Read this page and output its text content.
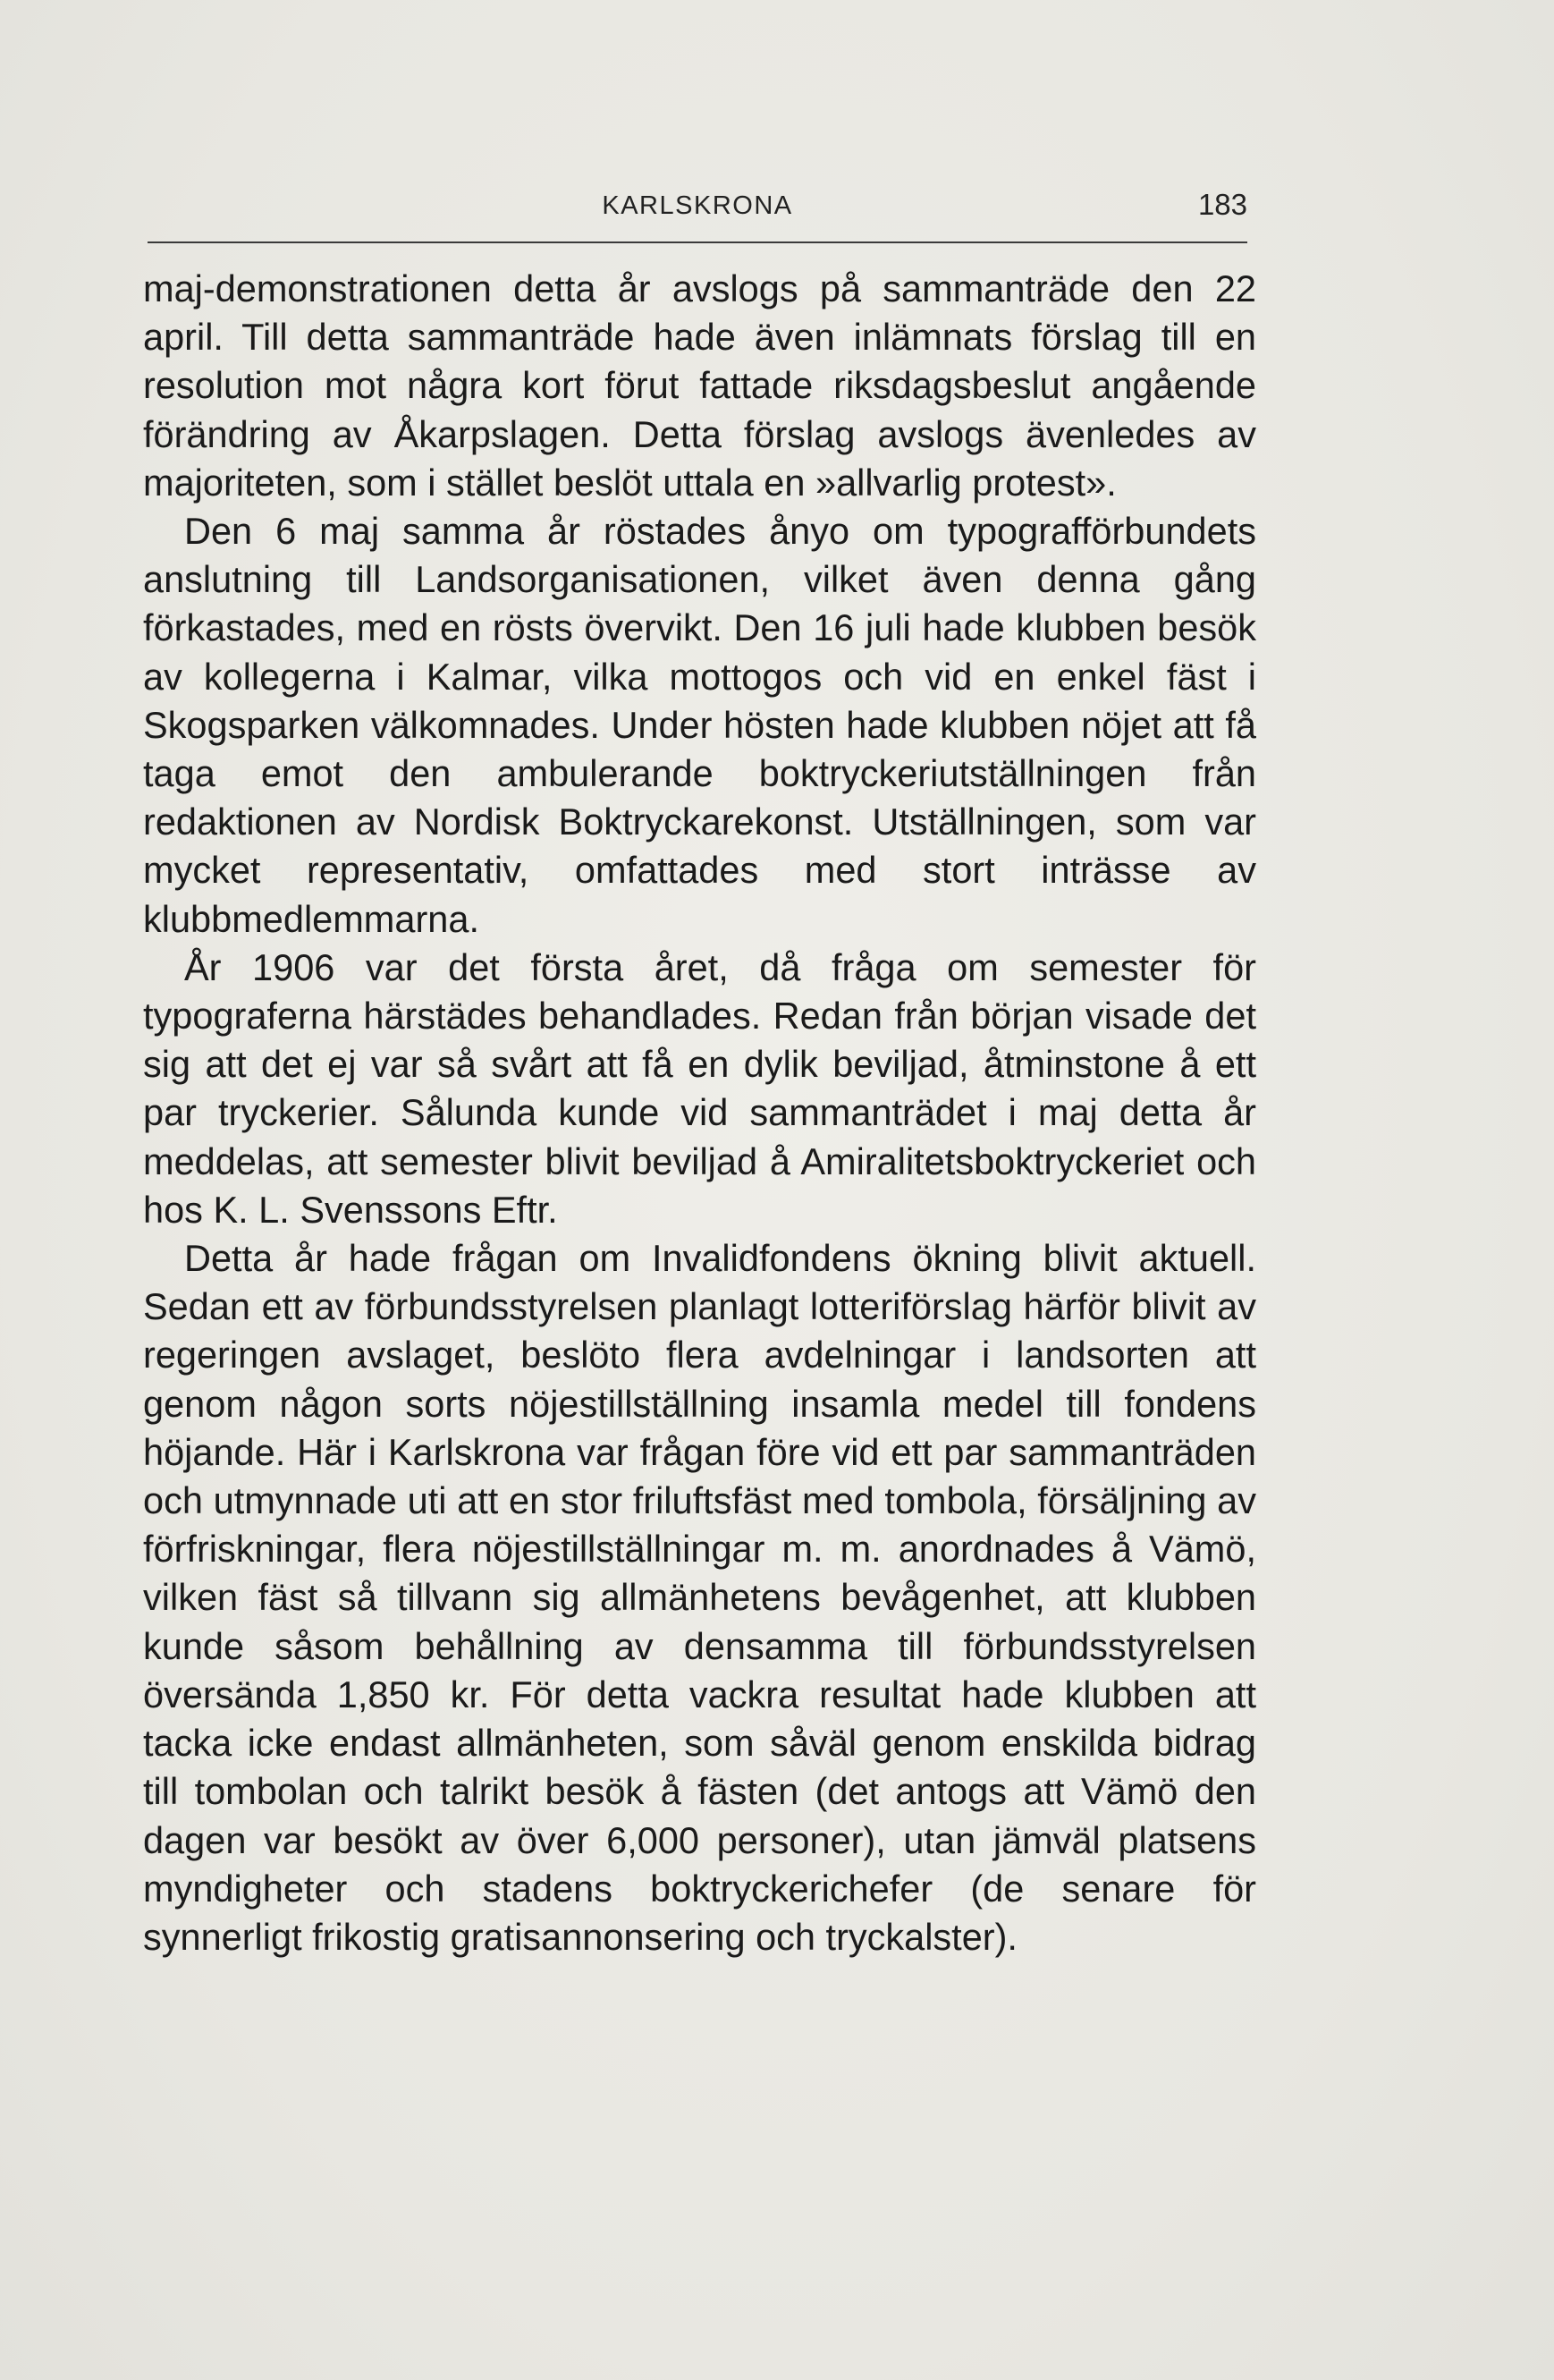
KARLSKRONA	183

maj-demonstrationen detta år avslogs på sammanträde den 22 april. Till detta sammanträde hade även inlämnats förslag till en resolution mot några kort förut fattade riksdagsbeslut angående förändring av Åkarpslagen. Detta förslag avslogs ävenledes av majoriteten, som i stället beslöt uttala en »allvarlig protest».

Den 6 maj samma år röstades ånyo om typografförbundets anslutning till Landsorganisationen, vilket även denna gång förkastades, med en rösts övervikt. Den 16 juli hade klubben besök av kollegerna i Kalmar, vilka mottogos och vid en enkel fäst i Skogsparken välkomnades. Under hösten hade klubben nöjet att få taga emot den ambulerande boktryckeriutställningen från redaktionen av Nordisk Boktryckarekonst. Utställningen, som var mycket representativ, omfattades med stort inträsse av klubbmedlemmarna.

År 1906 var det första året, då fråga om semester för typograferna härstädes behandlades. Redan från början visade det sig att det ej var så svårt att få en dylik beviljad, åtminstone å ett par tryckerier. Sålunda kunde vid sammanträdet i maj detta år meddelas, att semester blivit beviljad å Amiralitetsboktryckeriet och hos K. L. Svenssons Eftr.

Detta år hade frågan om Invalidfondens ökning blivit aktuell. Sedan ett av förbundsstyrelsen planlagt lotteriförslag härför blivit av regeringen avslaget, beslöto flera avdelningar i landsorten att genom någon sorts nöjestillställning insamla medel till fondens höjande. Här i Karlskrona var frågan före vid ett par sammanträden och utmynnade uti att en stor friluftsfäst med tombola, försäljning av förfriskningar, flera nöjestillställningar m. m. anordnades å Vämö, vilken fäst så tillvann sig allmänhetens bevågenhet, att klubben kunde såsom behållning av densamma till förbundsstyrelsen översända 1,850 kr. För detta vackra resultat hade klubben att tacka icke endast allmänheten, som såväl genom enskilda bidrag till tombolan och talrikt besök å fästen (det antogs att Vämö den dagen var besökt av över 6,000 personer), utan jämväl platsens myndigheter och stadens boktryckerichefer (de senare för synnerligt frikostig gratisannonsering och tryckalster).
